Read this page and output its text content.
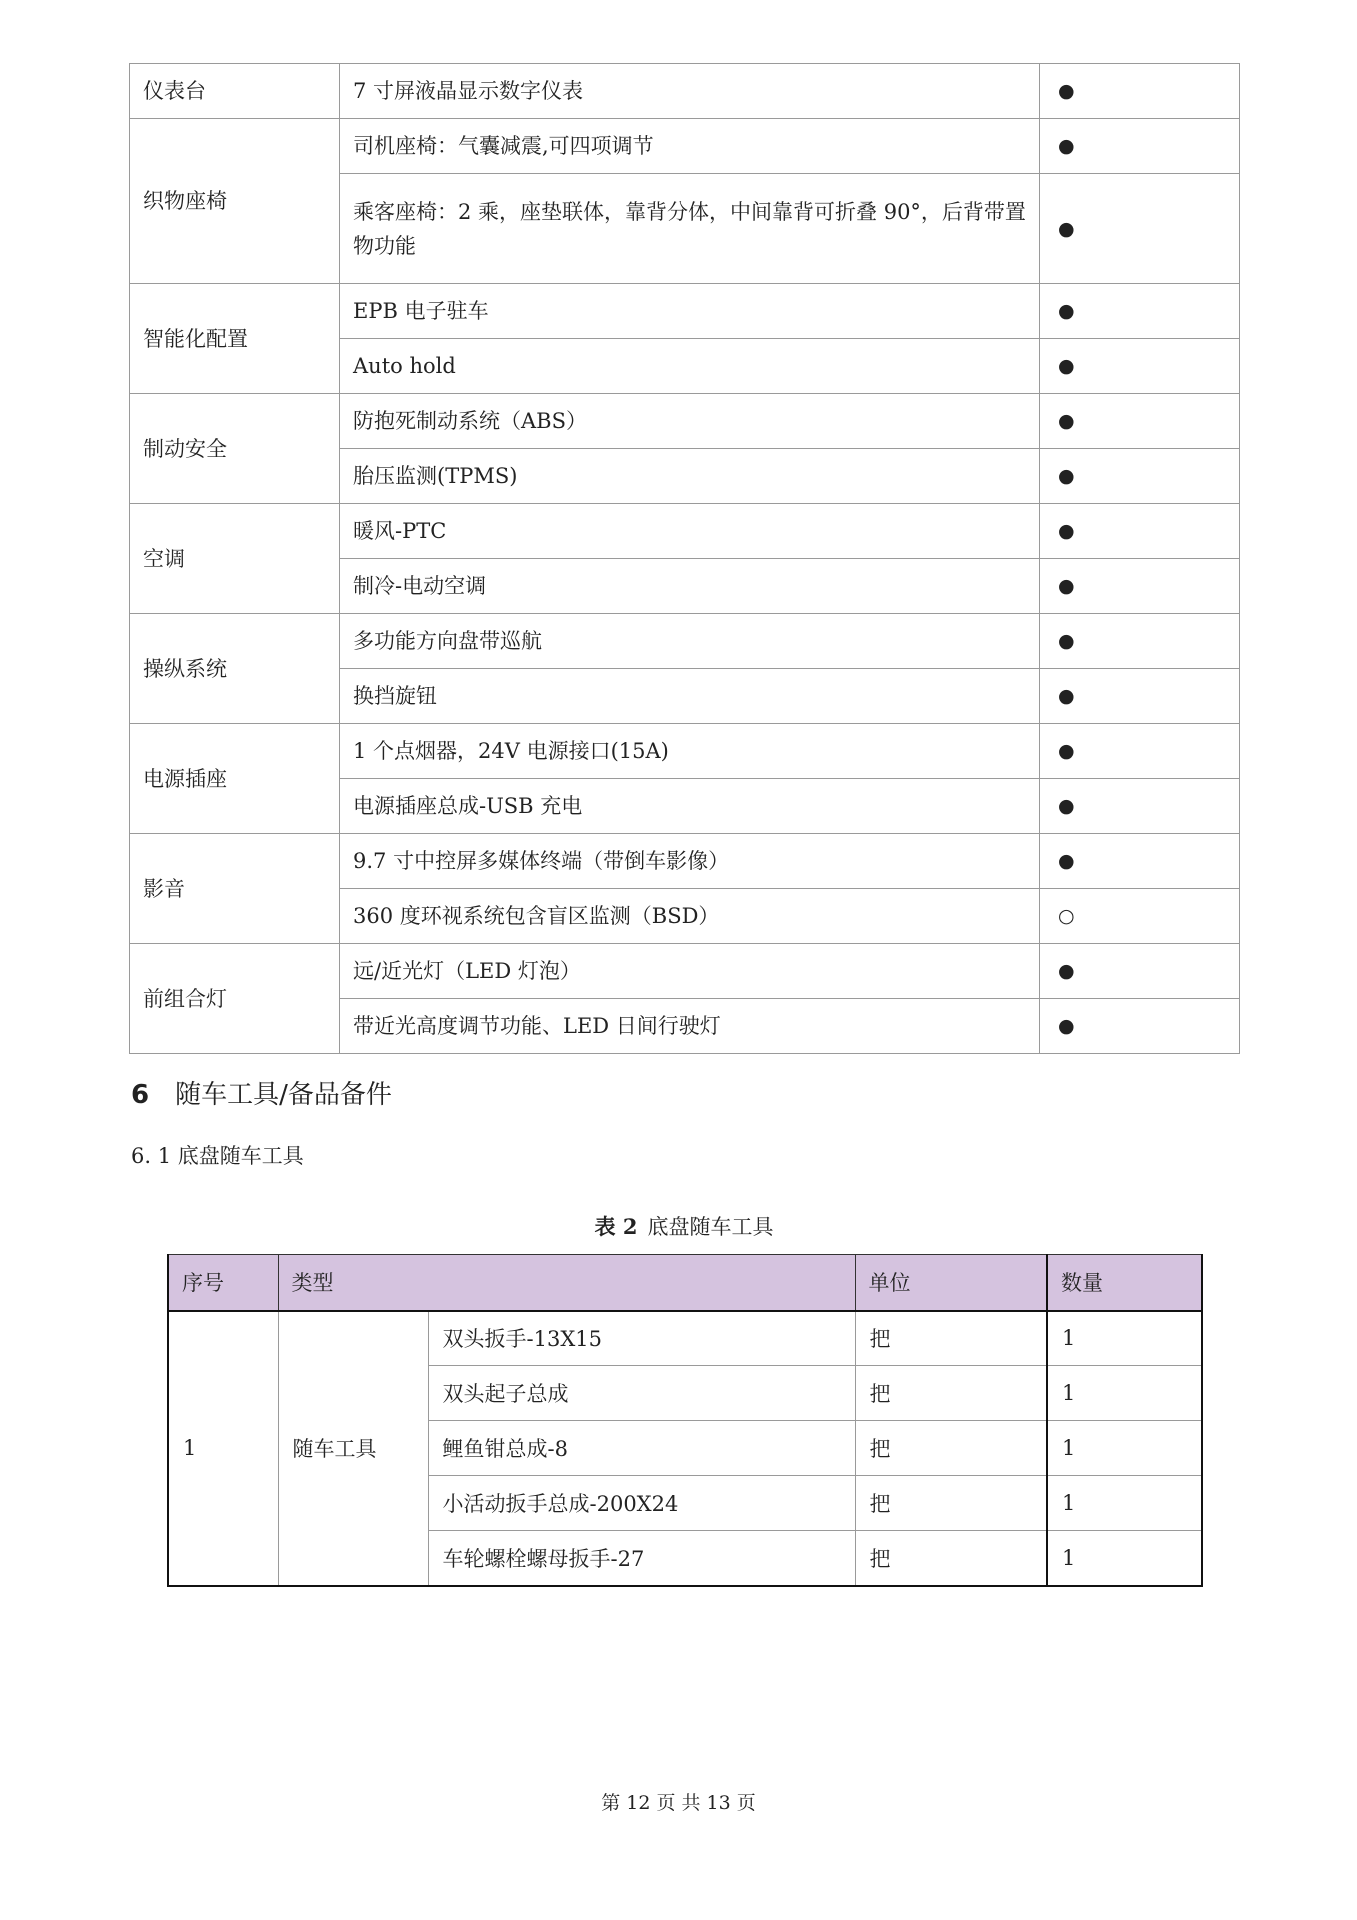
仪表台	7 寸屏液晶显示数字仪表	●
织物座椅	司机座椅：气囊减震,可四项调节	●
	乘客座椅：2 乘，座垫联体，靠背分体，中间靠背可折叠 90°，后背带置物功能	●
智能化配置	EPB 电子驻车	●
	Auto hold	●
制动安全	防抱死制动系统（ABS）	●
	胎压监测(TPMS)	●
空调	暖风-PTC	●
	制冷-电动空调	●
操纵系统	多功能方向盘带巡航	●
	换挡旋钮	●
电源插座	1 个点烟器，24V 电源接口(15A)	●
	电源插座总成-USB 充电	●
影音	9.7 寸中控屏多媒体终端（带倒车影像）	●
	360 度环视系统包含盲区监测（BSD）	○
前组合灯	远/近光灯（LED 灯泡）	●
	带近光高度调节功能、LED 日间行驶灯	●
6 随车工具/备品备件
6. 1 底盘随车工具

表 2 底盘随车工具

序号	类型		单位	数量
1	随车工具	双头扳手-13X15	把	1
		双头起子总成	把	1
		鲤鱼钳总成-8	把	1
		小活动扳手总成-200X24	把	1
		车轮螺栓螺母扳手-27	把	1

第 12 页 共 13 页
